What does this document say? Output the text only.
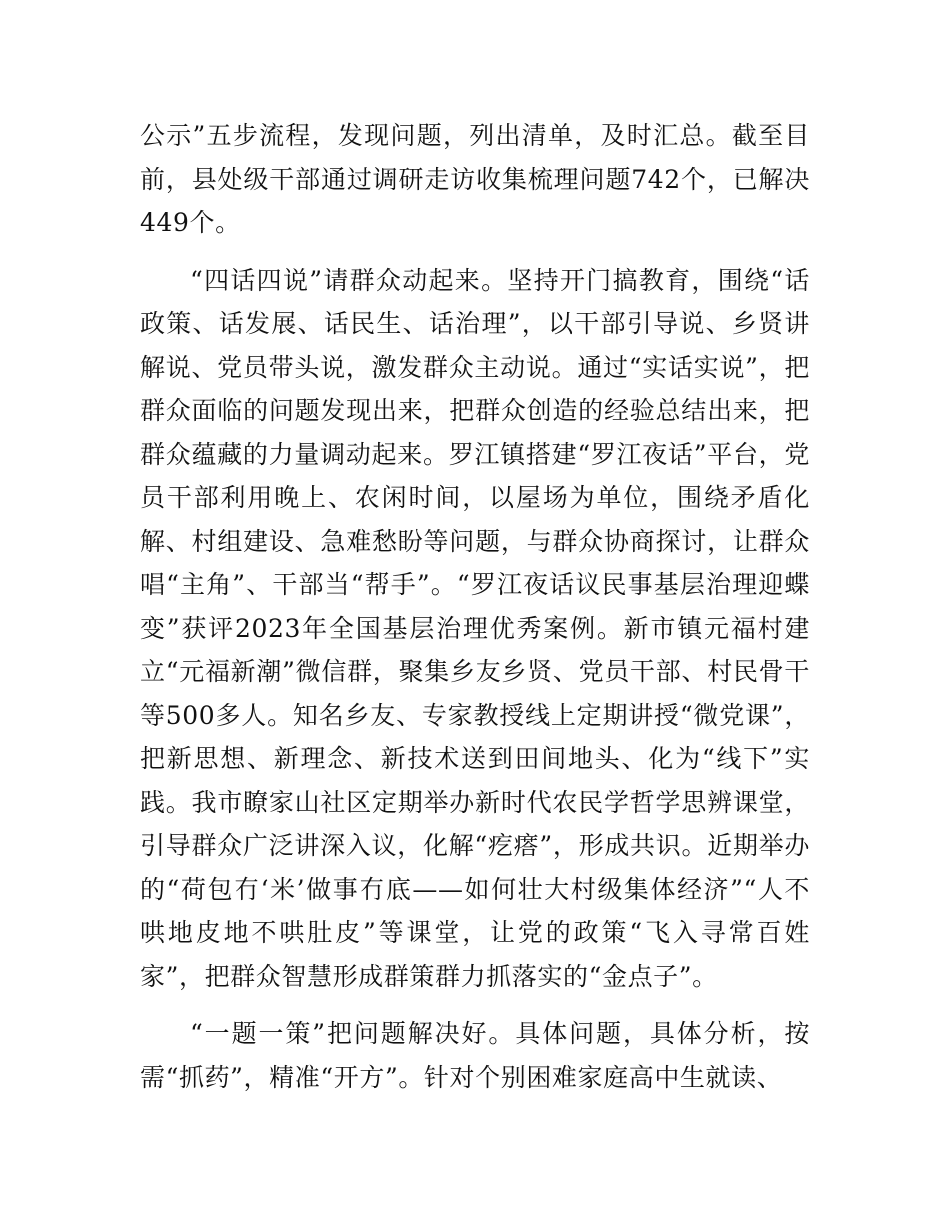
公示”五步流程，发现问题，列出清单，及时汇总。截至目前，县处级干部通过调研走访收集梳理问题742个，已解决449个。

“四话四说”请群众动起来。坚持开门搞教育，围绕“话政策、话发展、话民生、话治理”，以干部引导说、乡贤讲解说、党员带头说，激发群众主动说。通过“实话实说”，把群众面临的问题发现出来，把群众创造的经验总结出来，把群众蕴藏的力量调动起来。罗江镇搭建“罗江夜话”平台，党员干部利用晚上、农闲时间，以屋场为单位，围绕矛盾化解、村组建设、急难愁盼等问题，与群众协商探讨，让群众唱“主角”、干部当“帮手”。“罗江夜话议民事基层治理迎蝶变”获评2023年全国基层治理优秀案例。新市镇元福村建立“元福新潮”微信群，聚集乡友乡贤、党员干部、村民骨干等500多人。知名乡友、专家教授线上定期讲授“微党课”，把新思想、新理念、新技术送到田间地头、化为“线下”实践。我市瞭家山社区定期举办新时代农民学哲学思辨课堂，引导群众广泛讲深入议，化解“疙瘩”，形成共识。近期举办的“荷包冇‘米’做事冇底——如何壮大村级集体经济”“人不哄地皮地不哄肚皮”等课堂，让党的政策“飞入寻常百姓家”，把群众智慧形成群策群力抓落实的“金点子”。

“一题一策”把问题解决好。具体问题，具体分析，按需“抓药”，精准“开方”。针对个别困难家庭高中生就读、
